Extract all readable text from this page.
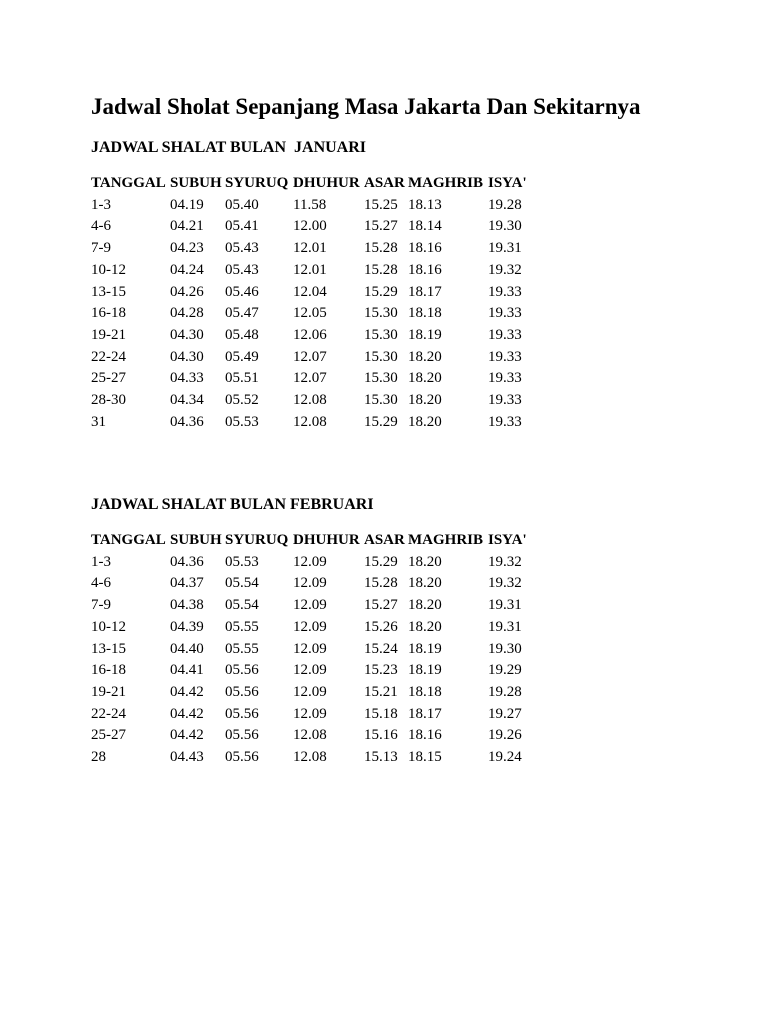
Jadwal Sholat Sepanjang Masa Jakarta Dan Sekitarnya
JADWAL SHALAT BULAN  JANUARI
TANGGAL	SUBUH	SYURUQ	DHUHUR	ASAR	MAGHRIB	ISYA'
1-3	04.19	05.40	11.58	15.25	18.13	19.28
4-6	04.21	05.41	12.00	15.27	18.14	19.30
7-9	04.23	05.43	12.01	15.28	18.16	19.31
10-12	04.24	05.43	12.01	15.28	18.16	19.32
13-15	04.26	05.46	12.04	15.29	18.17	19.33
16-18	04.28	05.47	12.05	15.30	18.18	19.33
19-21	04.30	05.48	12.06	15.30	18.19	19.33
22-24	04.30	05.49	12.07	15.30	18.20	19.33
25-27	04.33	05.51	12.07	15.30	18.20	19.33
28-30	04.34	05.52	12.08	15.30	18.20	19.33
31	04.36	05.53	12.08	15.29	18.20	19.33
JADWAL SHALAT BULAN FEBRUARI
TANGGAL	SUBUH	SYURUQ	DHUHUR	ASAR	MAGHRIB	ISYA'
1-3	04.36	05.53	12.09	15.29	18.20	19.32
4-6	04.37	05.54	12.09	15.28	18.20	19.32
7-9	04.38	05.54	12.09	15.27	18.20	19.31
10-12	04.39	05.55	12.09	15.26	18.20	19.31
13-15	04.40	05.55	12.09	15.24	18.19	19.30
16-18	04.41	05.56	12.09	15.23	18.19	19.29
19-21	04.42	05.56	12.09	15.21	18.18	19.28
22-24	04.42	05.56	12.09	15.18	18.17	19.27
25-27	04.42	05.56	12.08	15.16	18.16	19.26
28	04.43	05.56	12.08	15.13	18.15	19.24
